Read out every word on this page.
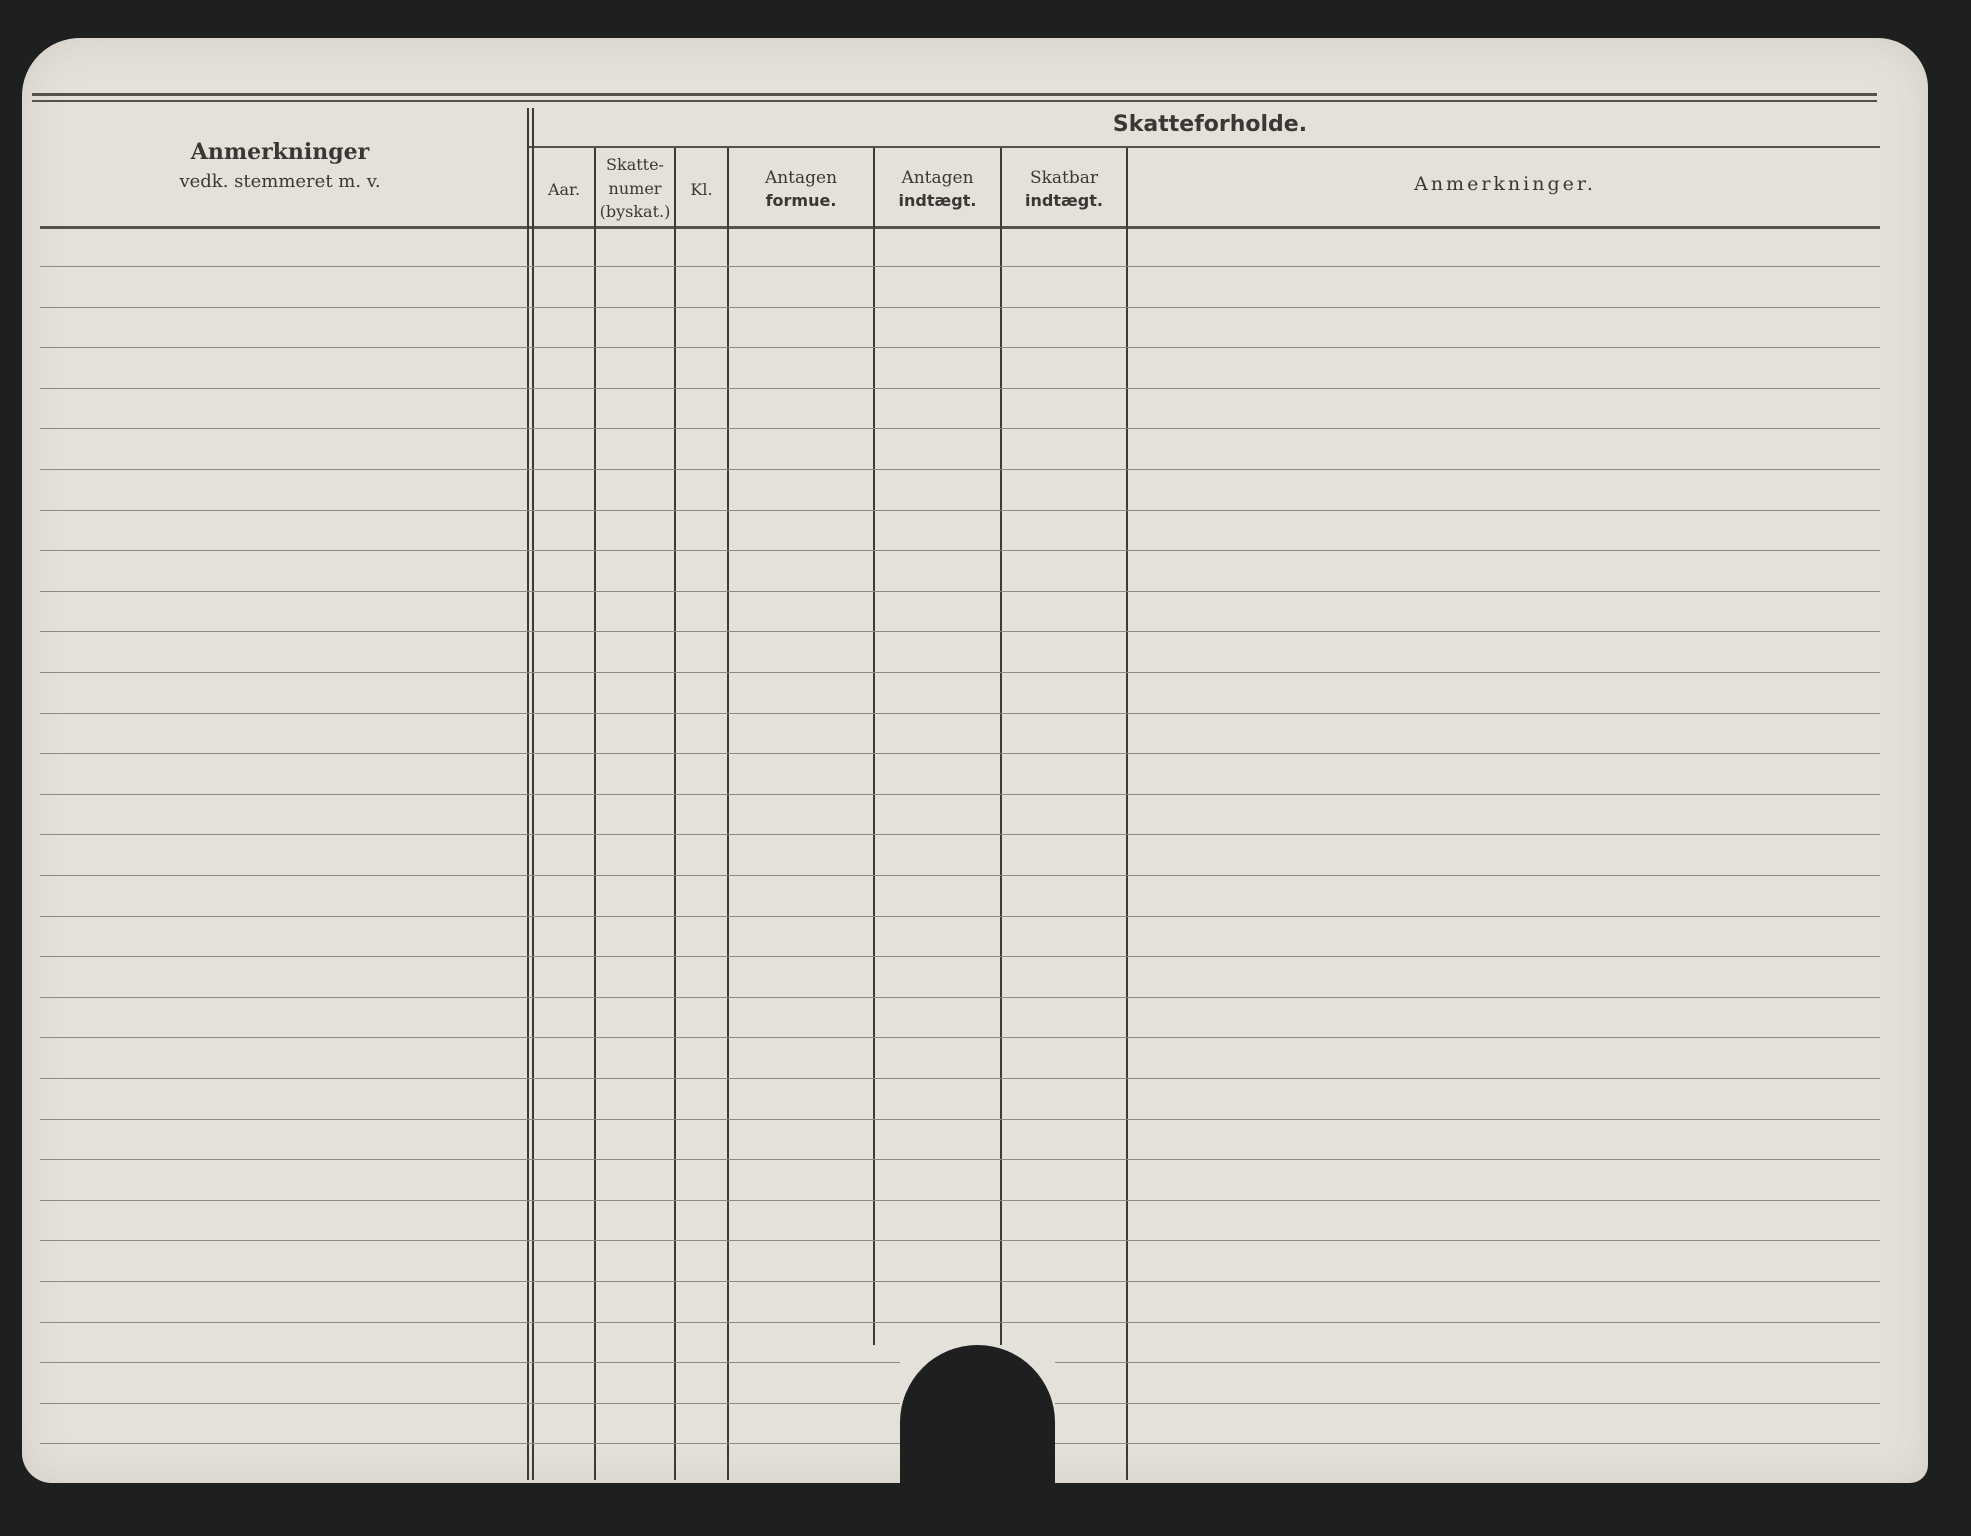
Anmerkninger
vedk. stemmeret m. v.
Skatteforholde.
Aar.
Skatte-
numer
(byskat.)
Kl.
Antagen
formue.
Antagen
indtægt.
Skatbar
indtægt.
Anmerkninger.
